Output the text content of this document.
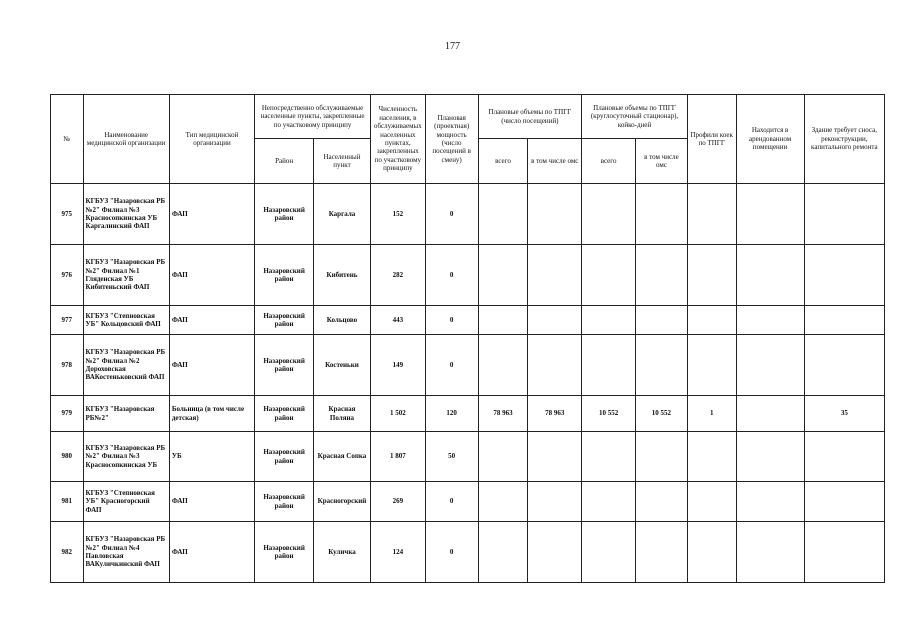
177
№	Наименование медицинской организации	Тип медицинской организации	Непосредственно обслуживаемые населенные пункты, закрепленные по участковому принципу		Численность населения, в обслуживаемых населенных пунктах, закрепленных по участковому принципу	Плановая (проектная) мощность (число посещений в смену)	Плановые объемы по ТПГГ (число посещений)		Плановые объемы по ТПГГ (круглосуточный стационар), койко-дней		Профили коек по ТПГГ	Находится в арендованном помещении	Здание требует сноса, реконструкции, капитального ремонта
			Район	Населенный пункт			всего	в том числе омс	всего	в том числе омс			
975	КГБУЗ "Назаровская РБ №2" Филиал №3 Красносопкинская УБ Каргалинский ФАП	ФАП	Назаровский район	Каргала	152	0							
976	КГБУЗ "Назаровская РБ №2" Филиал №1 Гляденская УБ Кибитеньский ФАП	ФАП	Назаровский район	Кибитень	282	0							
977	КГБУЗ "Степновская УБ" Кольцовский ФАП	ФАП	Назаровский район	Кольцово	443	0							
978	КГБУЗ "Назаровская РБ №2" Филиал №2 Дороховская ВАКостеньковский ФАП	ФАП	Назаровский район	Костеньки	149	0							
979	КГБУЗ "Назаровская РБ№2"	Больница (в том числе детская)	Назаровский район	Красная Поляна	1 502	120	78 963	78 963	10 552	10 552	1		35
980	КГБУЗ "Назаровская РБ №2" Филиал №3 Красносопкинская УБ	УБ	Назаровский район	Красная Сопка	1 807	50							
981	КГБУЗ "Степновская УБ" Красногорский ФАП	ФАП	Назаровский район	Красногорский	269	0							
982	КГБУЗ "Назаровская РБ №2" Филиал №4 Павловская ВАКуличкинский ФАП	ФАП	Назаровский район	Куличка	124	0							
